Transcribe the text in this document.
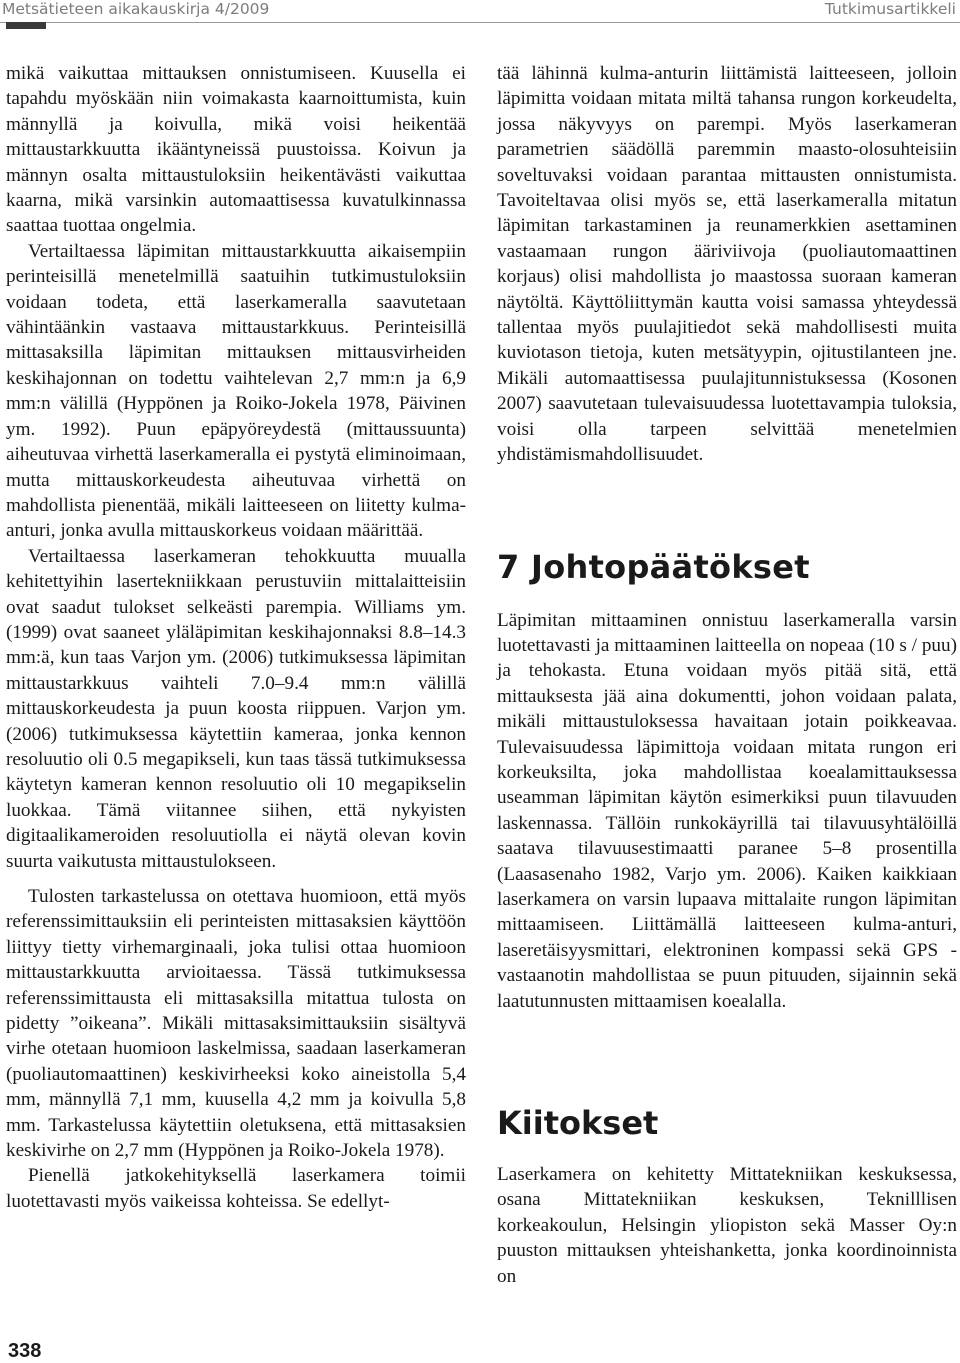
Metsätieteen aikakauskirja 4/2009	Tutkimusartikkeli

mikä vaikuttaa mittauksen onnistumiseen. Kuusella ei tapahdu myöskään niin voimakasta kaarnoittumista, kuin männyllä ja koivulla, mikä voisi heikentää mittaustarkkuutta ikääntyneissä puustoissa. Koivun ja männyn osalta mittaustuloksiin heikentävästi vaikuttaa kaarna, mikä varsinkin automaattisessa kuvatulkinnassa saattaa tuottaa ongelmia.

Vertailtaessa läpimitan mittaustarkkuutta aikaisempiin perinteisillä menetelmillä saatuihin tutkimustuloksiin voidaan todeta, että laserkameralla saavutetaan vähintäänkin vastaava mittaustarkkuus. Perinteisillä mittasaksilla läpimitan mittauksen mittausvirheiden keskihajonnan on todettu vaihtelevan 2,7 mm:n ja 6,9 mm:n välillä (Hyppönen ja Roiko-Jokela 1978, Päivinen ym. 1992). Puun epäpyöreydestä (mittaussuunta) aiheutuvaa virhettä laserkameralla ei pystytä eliminoimaan, mutta mittauskorkeudesta aiheutuvaa virhettä on mahdollista pienentää, mikäli laitteeseen on liitetty kulma-anturi, jonka avulla mittauskorkeus voidaan määrittää.

Vertailtaessa laserkameran tehokkuutta muualla kehitettyihin lasertekniikkaan perustuviin mittalaitteisiin ovat saadut tulokset selkeästi parempia. Williams ym. (1999) ovat saaneet yläläpimitan keskihajonnaksi 8.8–14.3 mm:ä, kun taas Varjon ym. (2006) tutkimuksessa läpimitan mittaustarkkuus vaihteli 7.0–9.4 mm:n välillä mittauskorkeudesta ja puun koosta riippuen. Varjon ym. (2006) tutkimuksessa käytettiin kameraa, jonka kennon resoluutio oli 0.5 megapikseli, kun taas tässä tutkimuksessa käytetyn kameran kennon resoluutio oli 10 megapikselin luokkaa. Tämä viitannee siihen, että nykyisten digitaalikameroiden resoluutiolla ei näytä olevan kovin suurta vaikutusta mittaustulokseen.

Tulosten tarkastelussa on otettava huomioon, että myös referenssimittauksiin eli perinteisten mittasaksien käyttöön liittyy tietty virhemarginaali, joka tulisi ottaa huomioon mittaustarkkuutta arvioitaessa. Tässä tutkimuksessa referenssimittausta eli mittasaksilla mitattua tulosta on pidetty ”oikeana”. Mikäli mittasaksimittauksiin sisältyvä virhe otetaan huomioon laskelmissa, saadaan laserkameran (puoliautomaattinen) keskivirheeksi koko aineistolla 5,4 mm, männyllä 7,1 mm, kuusella 4,2 mm ja koivulla 5,8 mm. Tarkastelussa käytettiin oletuksena, että mittasaksien keskivirhe on 2,7 mm (Hyppönen ja Roiko-Jokela 1978).

Pienellä jatkokehityksellä laserkamera toimii luotettavasti myös vaikeissa kohteissa. Se edellyt-

tää lähinnä kulma-anturin liittämistä laitteeseen, jolloin läpimitta voidaan mitata miltä tahansa rungon korkeudelta, jossa näkyvyys on parempi. Myös laserkameran parametrien säädöllä paremmin maasto-olosuhteisiin soveltuvaksi voidaan parantaa mittausten onnistumista. Tavoiteltavaa olisi myös se, että laserkameralla mitatun läpimitan tarkastaminen ja reunamerkkien asettaminen vastaamaan rungon ääriviivoja (puoliautomaattinen korjaus) olisi mahdollista jo maastossa suoraan kameran näytöltä. Käyttöliittymän kautta voisi samassa yhteydessä tallentaa myös puulajitiedot sekä mahdollisesti muita kuviotason tietoja, kuten metsätyypin, ojitustilanteen jne. Mikäli automaattisessa puulajitunnistuksessa (Kosonen 2007) saavutetaan tulevaisuudessa luotettavampia tuloksia, voisi olla tarpeen selvittää menetelmien yhdistämismahdollisuudet.

7 Johtopäätökset

Läpimitan mittaaminen onnistuu laserkameralla varsin luotettavasti ja mittaaminen laitteella on nopeaa (10 s / puu) ja tehokasta. Etuna voidaan myös pitää sitä, että mittauksesta jää aina dokumentti, johon voidaan palata, mikäli mittaustuloksessa havaitaan jotain poikkeavaa. Tulevaisuudessa läpimittoja voidaan mitata rungon eri korkeuksilta, joka mahdollistaa koealamittauksessa useamman läpimitan käytön esimerkiksi puun tilavuuden laskennassa. Tällöin runkokäyrillä tai tilavuusyhtälöillä saatava tilavuusestimaatti paranee 5–8 prosentilla (Laasasenaho 1982, Varjo ym. 2006). Kaiken kaikkiaan laserkamera on varsin lupaava mittalaite rungon läpimitan mittaamiseen. Liittämällä laitteeseen kulma-anturi, laseretäisyysmittari, elektroninen kompassi sekä GPS -vastaanotin mahdollistaa se puun pituuden, sijainnin sekä laatutunnusten mittaamisen koealalla.

Kiitokset

Laserkamera on kehitetty Mittatekniikan keskuksessa, osana Mittatekniikan keskuksen, Teknilllisen korkeakoulun, Helsingin yliopiston sekä Masser Oy:n puuston mittauksen yhteishanketta, jonka koordinoinnista on

338
